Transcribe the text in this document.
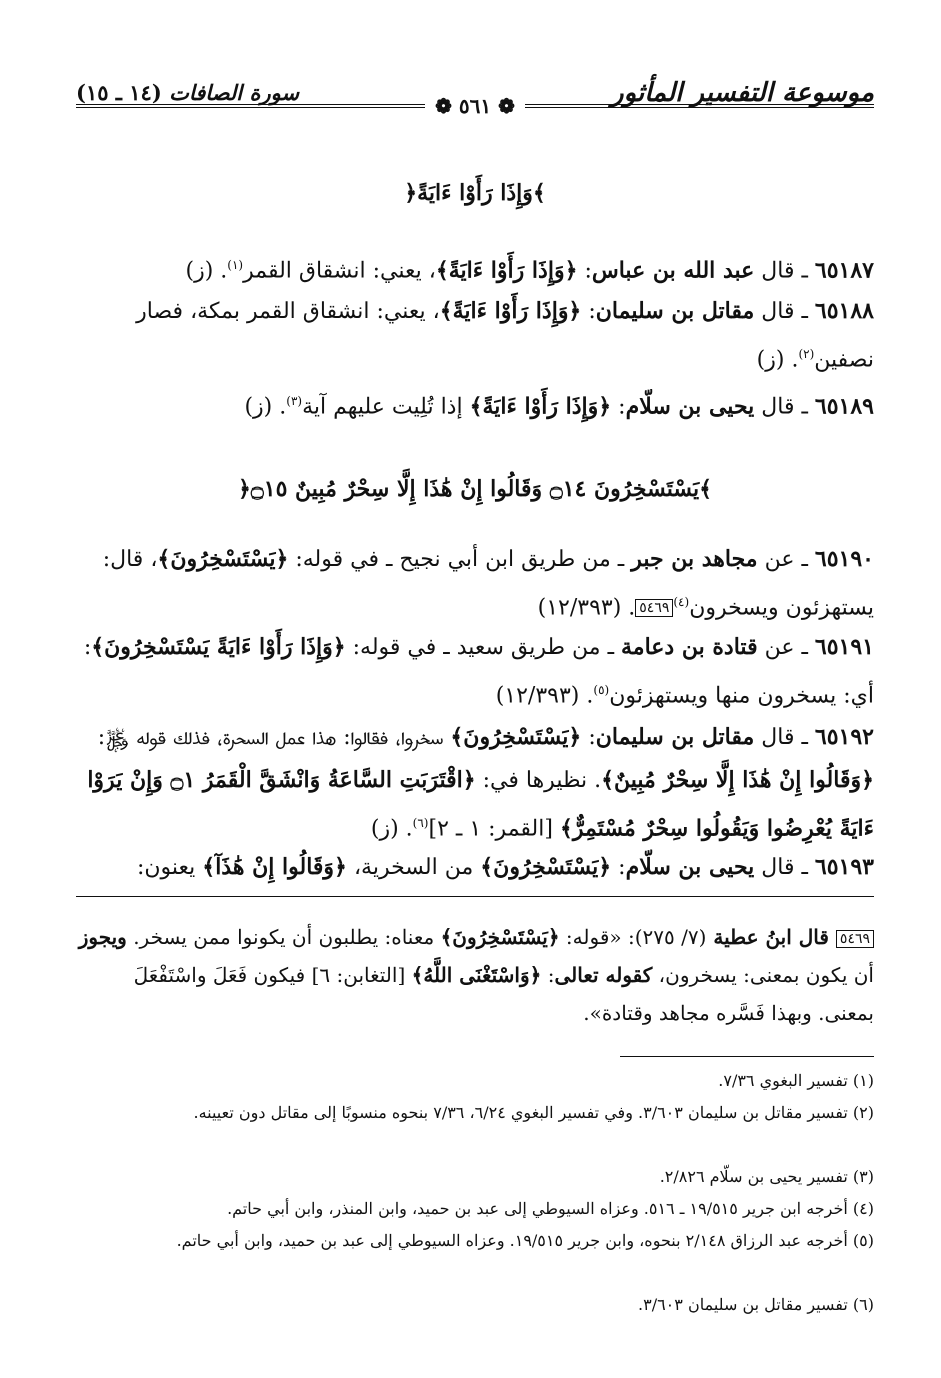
موسوعة التفسير المأثور
(١٤ ـ ١٥) سورة الصافات
❁ ٥٦١ ❁
﴿وَإِذَا رَأَوْا ءَايَةً﴾
٦٥١٨٧ ـ قال عبد الله بن عباس: ﴿وَإِذَا رَأَوْا ءَايَةً﴾، يعني: انشقاق القمر$^{(١)}$. (ز)
٦٥١٨٨ ـ قال مقاتل بن سليمان: ﴿وَإِذَا رَأَوْا ءَايَةً﴾، يعني: انشقاق القمر بمكة، فصار نصفين$^{(٢)}$. (ز)
٦٥١٨٩ ـ قال يحيى بن سلّام: ﴿وَإِذَا رَأَوْا ءَايَةً﴾ إذا تُلِيت عليهم آية$^{(٣)}$. (ز)
﴿يَسْتَسْخِرُونَ ۝١٤ وَقَالُوا إِنْ هَٰذَا إِلَّا سِحْرٌ مُبِينٌ ۝١٥﴾
٦٥١٩٠ ـ عن مجاهد بن جبر ـ من طريق ابن أبي نجيح ـ في قوله: ﴿يَسْتَسْخِرُونَ﴾، قال: يستهزئون ويسخرون$^{(٤)}$٥٤٦٩. (١٢/٣٩٣)
٦٥١٩١ ـ عن قتادة بن دعامة ـ من طريق سعيد ـ في قوله: ﴿وَإِذَا رَأَوْا ءَايَةً يَسْتَسْخِرُونَ﴾: أي: يسخرون منها ويستهزئون$^{(٥)}$. (١٢/٣٩٣)
٦٥١٩٢ ـ قال مقاتل بن سليمان: ﴿يَسْتَسْخِرُونَ﴾ سخروا، فقالوا: هذا عمل السحرة، فذلك قوله ﷿: ﴿وَقَالُوا إِنْ هَٰذَا إِلَّا سِحْرٌ مُبِينٌ﴾. نظيرها في: ﴿اقْتَرَبَتِ السَّاعَةُ وَانْشَقَّ الْقَمَرُ ۝١ وَإِنْ يَرَوْا ءَايَةً يُعْرِضُوا وَيَقُولُوا سِحْرٌ مُسْتَمِرٌّ﴾ [القمر: ١ ـ ٢]$^{(٦)}$. (ز)
٦٥١٩٣ ـ قال يحيى بن سلّام: ﴿يَسْتَسْخِرُونَ﴾ من السخرية، ﴿وَقَالُوا إِنْ هَٰذَآ﴾ يعنون:
٥٤٦٩ قال ابنُ عطية (٧/ ٢٧٥): «قوله: ﴿يَسْتَسْخِرُونَ﴾ معناه: يطلبون أن يكونوا ممن يسخر. ويجوز أن يكون بمعنى: يسخرون، كقوله تعالى: ﴿وَاسْتَغْنَى اللَّهُ﴾ [التغابن: ٦] فيكون فَعَلَ واسْتَفْعَلَ بمعنى. وبهذا فَسَّره مجاهد وقتادة».
(١) تفسير البغوي ٧/٣٦.
(٢) تفسير مقاتل بن سليمان ٣/٦٠٣. وفي تفسير البغوي ٦/٢٤، ٧/٣٦ بنحوه منسوبًا إلى مقاتل دون تعيينه.
(٣) تفسير يحيى بن سلّام ٢/٨٢٦.
(٤) أخرجه ابن جرير ١٩/٥١٥ ـ ٥١٦. وعزاه السيوطي إلى عبد بن حميد، وابن المنذر، وابن أبي حاتم.
(٥) أخرجه عبد الرزاق ٢/١٤٨ بنحوه، وابن جرير ١٩/٥١٥. وعزاه السيوطي إلى عبد بن حميد، وابن أبي حاتم.
(٦) تفسير مقاتل بن سليمان ٣/٦٠٣.
